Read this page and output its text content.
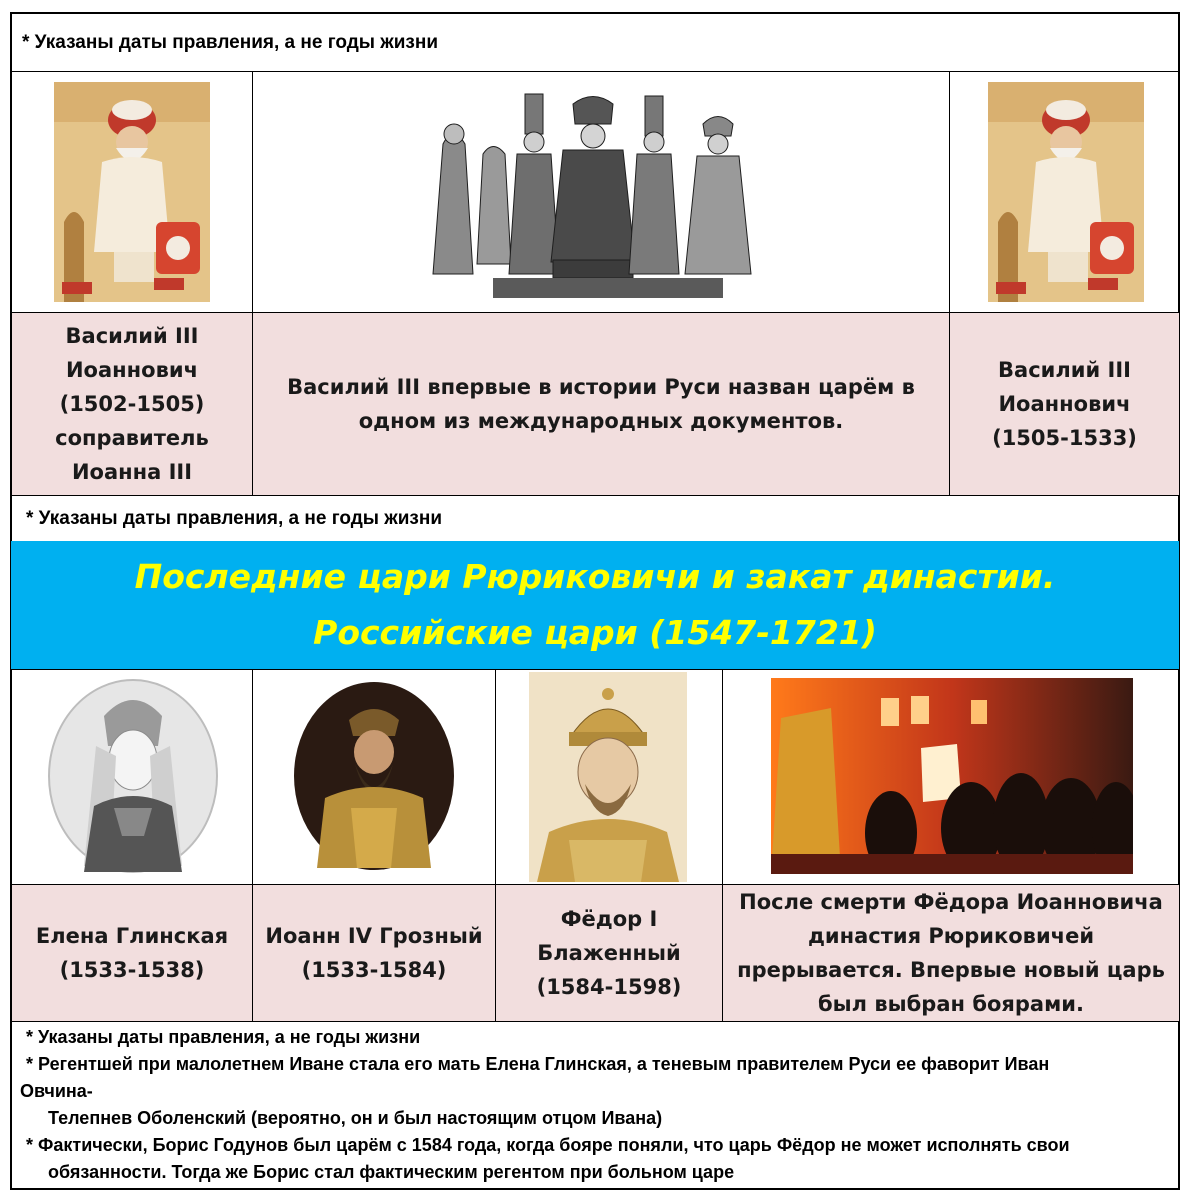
* Указаны даты правления, а не годы жизни
Василий III
Иоаннович
(1502-1505)
соправитель
Иоанна III
Василий III впервые в истории Руси назван царём в
одном из международных документов.
Василий III
Иоаннович
(1505-1533)
* Указаны даты правления, а не годы жизни
Последние цари Рюриковичи и закат династии.
Российские цари (1547-1721)
Елена Глинская
(1533-1538)
Иоанн IV Грозный
(1533-1584)
Фёдор I
Блаженный
(1584-1598)
После смерти Фёдора Иоанновича
династия Рюриковичей
прерывается. Впервые новый царь
был выбран боярами.
* Указаны даты правления, а не годы жизни
* Регентшей при малолетнем Иване стала его мать Елена Глинская, а теневым правителем Руси ее фаворит Иван
Овчина-
Телепнев Оболенский (вероятно, он и был настоящим отцом Ивана)
* Фактически, Борис Годунов был царём с 1584 года, когда бояре поняли, что царь Фёдор не может исполнять свои
обязанности. Тогда же Борис стал фактическим регентом при больном царе
